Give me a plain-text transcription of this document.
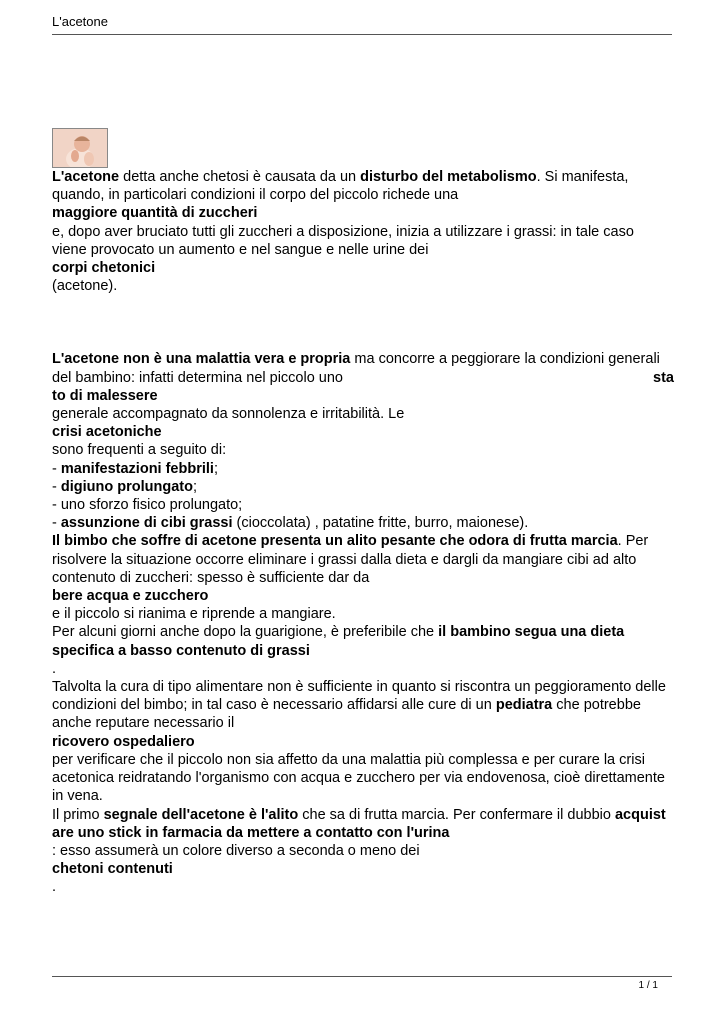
L'acetone

L'acetone detta anche chetosi è causata da un disturbo del metabolismo. Si manifesta,

quando, in particolari condizioni il corpo del piccolo richede una

maggiore quantità di zuccheri

e, dopo aver bruciato tutti gli zuccheri a disposizione, inizia a utilizzare i grassi: in tale caso

viene provocato un aumento e nel sangue e nelle urine dei

corpi chetonici

(acetone).

L'acetone non è una malattia vera e propria ma concorre a peggiorare la condizioni generali

del bambino: infatti determina nel piccolo uno	sta

to di malessere

generale accompagnato da sonnolenza e irritabilità. Le

crisi acetoniche

sono frequenti a seguito di:

- manifestazioni febbrili;

- digiuno prolungato;

- uno sforzo fisico prolungato;

- assunzione di cibi grassi (cioccolata) , patatine fritte, burro, maionese).

Il bimbo che soffre di acetone presenta un alito pesante che odora di frutta marcia. Per

risolvere la situazione occorre eliminare i grassi dalla dieta e dargli da mangiare cibi ad alto

contenuto di zuccheri: spesso è sufficiente dar da

bere acqua e zucchero

e il piccolo si rianima e riprende a mangiare.

Per alcuni giorni anche dopo la guarigione, è preferibile che il bambino segua una dieta

specifica a basso contenuto di grassi

.

Talvolta la cura di tipo alimentare non è sufficiente in quanto si riscontra un peggioramento delle

condizioni del bimbo; in tal caso è necessario affidarsi alle cure di un pediatra che potrebbe

anche reputare necessario il

ricovero ospedaliero

per verificare che il piccolo non sia affetto da una malattia più complessa e per curare la crisi

acetonica reidratando l'organismo con acqua e zucchero per via endovenosa, cioè direttamente

in vena.

Il primo segnale dell'acetone è l'alito che sa di frutta marcia. Per confermare il dubbio acquist

are uno stick in farmacia da mettere a contatto con l'urina

: esso assumerà un colore diverso a seconda o meno dei

chetoni contenuti

.

1 / 1
